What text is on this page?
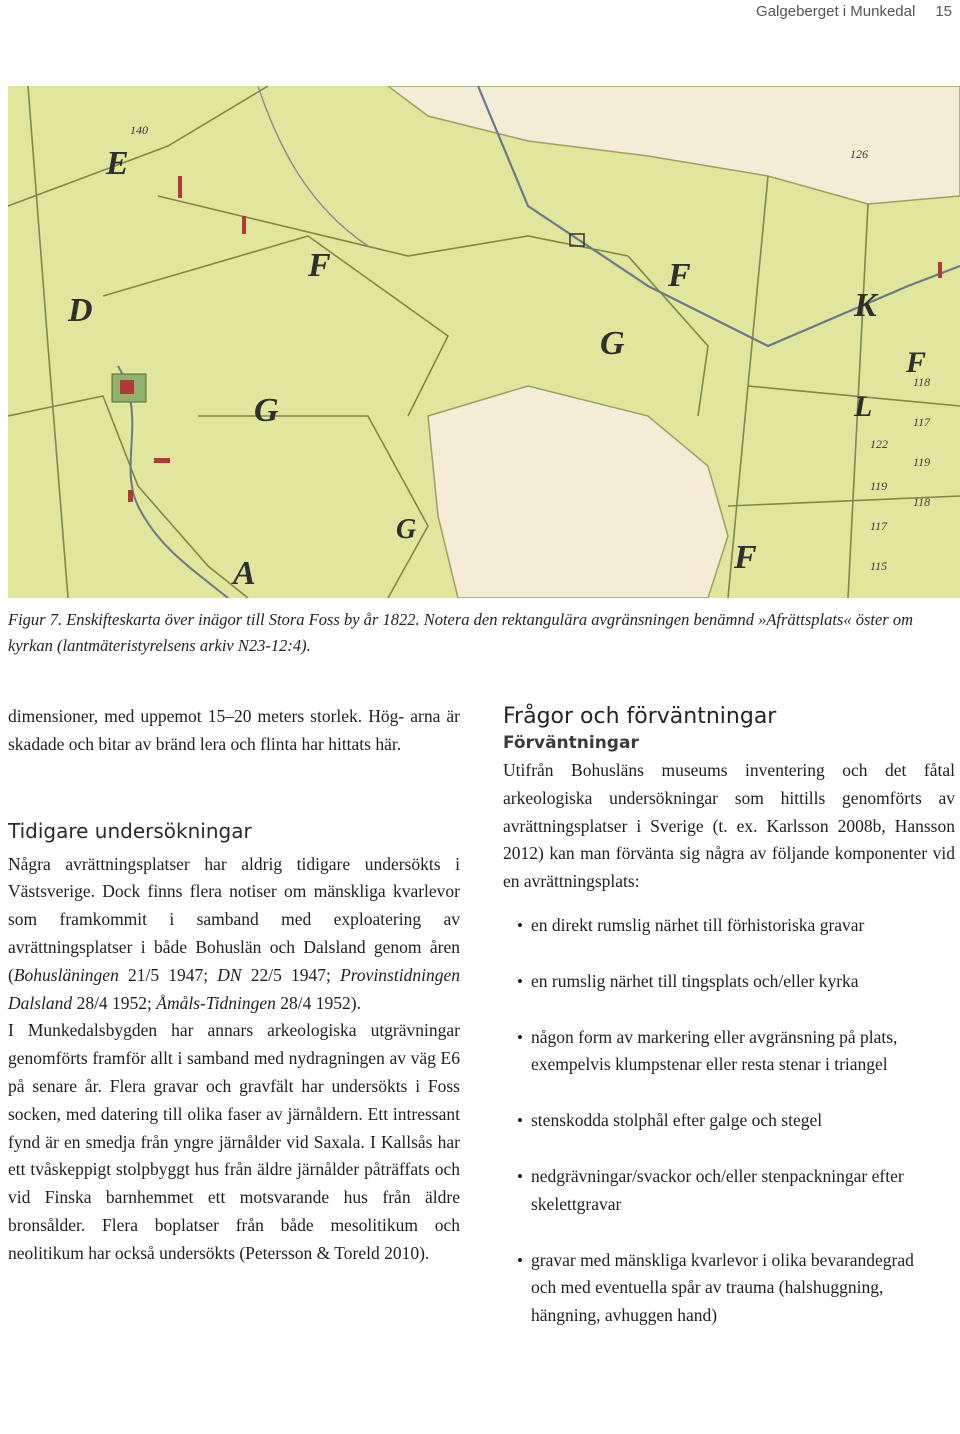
Galgeberget i Munkedal 15
E
F
D
G
A
G
F
G
F
K
L
F
140
126
118
117
119
118
122
119
117
115

Figur 7. Enskifteskarta över inägor till Stora Foss by år 1822. Notera den rektangulära avgränsningen benämnd »Afrättsplats« öster om kyrkan (lantmäteristyrelsens arkiv N23-12:4).

dimensioner, med uppemot 15–20 meters storlek. Hög- arna är skadade och bitar av bränd lera och flinta har hittats här.

Tidigare undersökningar

Några avrättningsplatser har aldrig tidigare undersökts i Västsverige. Dock finns flera notiser om mänskliga kvarlevor som framkommit i samband med exploatering av avrättningsplatser i både Bohuslän och Dalsland genom åren (Bohusläningen 21/5 1947; DN 22/5 1947; Provinstidningen Dalsland 28/4 1952; Åmåls-Tidningen 28/4 1952).

I Munkedalsbygden har annars arkeologiska utgrävningar genomförts framför allt i samband med nydragningen av väg E6 på senare år. Flera gravar och gravfält har undersökts i Foss socken, med datering till olika faser av järnåldern. Ett intressant fynd är en smedja från yngre järnålder vid Saxala. I Kallsås har ett tvåskeppigt stolpbyggt hus från äldre järnålder påträffats och vid Finska barnhemmet ett motsvarande hus från äldre bronsålder. Flera boplatser från både mesolitikum och neolitikum har också undersökts (Petersson & Toreld 2010).

Frågor och förväntningar
Förväntningar

Utifrån Bohusläns museums inventering och det fåtal arkeologiska undersökningar som hittills genomförts av avrättningsplatser i Sverige (t. ex. Karlsson 2008b, Hansson 2012) kan man förvänta sig några av följande komponenter vid en avrättningsplats:

• en direkt rumslig närhet till förhistoriska gravar
• en rumslig närhet till tingsplats och/eller kyrka
• någon form av markering eller avgränsning på plats, exempelvis klumpstenar eller resta stenar i triangel
• stenskodda stolphål efter galge och stegel
• nedgrävningar/svackor och/eller stenpackningar efter skelettgravar
• gravar med mänskliga kvarlevor i olika bevarandegrad och med eventuella spår av trauma (halshuggning, hängning, avhuggen hand)
